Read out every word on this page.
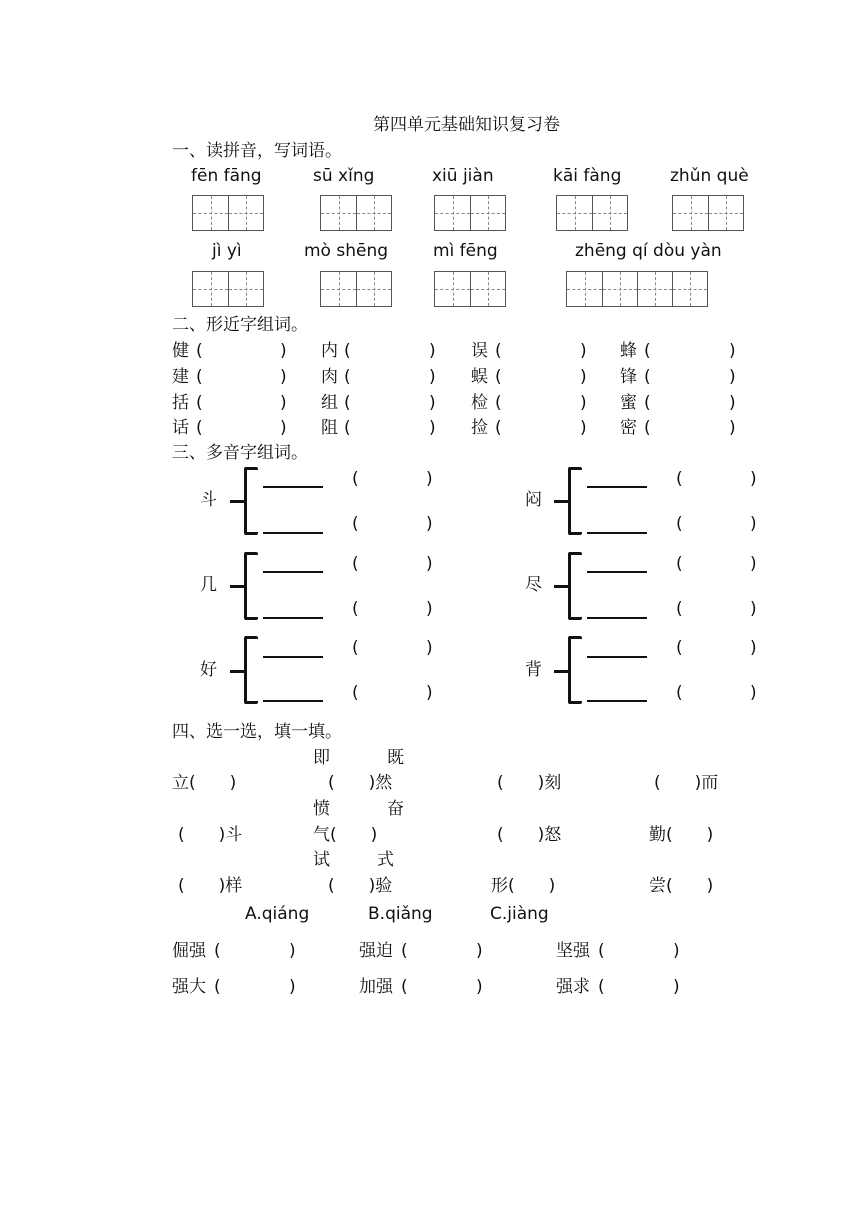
第四单元基础知识复习卷
一、读拼音，写词语。
fēn fāng	sū xǐng	xiū jiàn	kāi fàng	zhǔn què
jì yì	mò shēng	mì fēng	zhēng qí dòu yàn
二、形近字组词。
健 (	) 内 (	) 误 (	) 蜂 (	)
建 (	) 肉 (	) 蜈 (	) 锋 (	)
括 (	) 组 (	) 检 (	) 蜜 (	)
话 (	) 阻 (	) 捡 (	) 密 (	)
三、多音字组词。
斗
(	)
(	)
闷
(	)
(	)
几
(	)
(	)
尽
(	)
(	)
好
(	)
(	)
背
(	)
(	)
四、选一选，填一填。
即	既
立(　　)	(　　)然	(　　)刻	(　　)而
愤	奋
(　　)斗	气(　　)	(　　)怒	勤(　　)
试	式
(　　)样	(　　)验	形(　　)	尝(　　)
A.qiáng	B.qiǎng	C.jiàng
倔强 (	)	强迫 (	)	坚强 (	)
强大 (	)	加强 (	)	强求 (	)
